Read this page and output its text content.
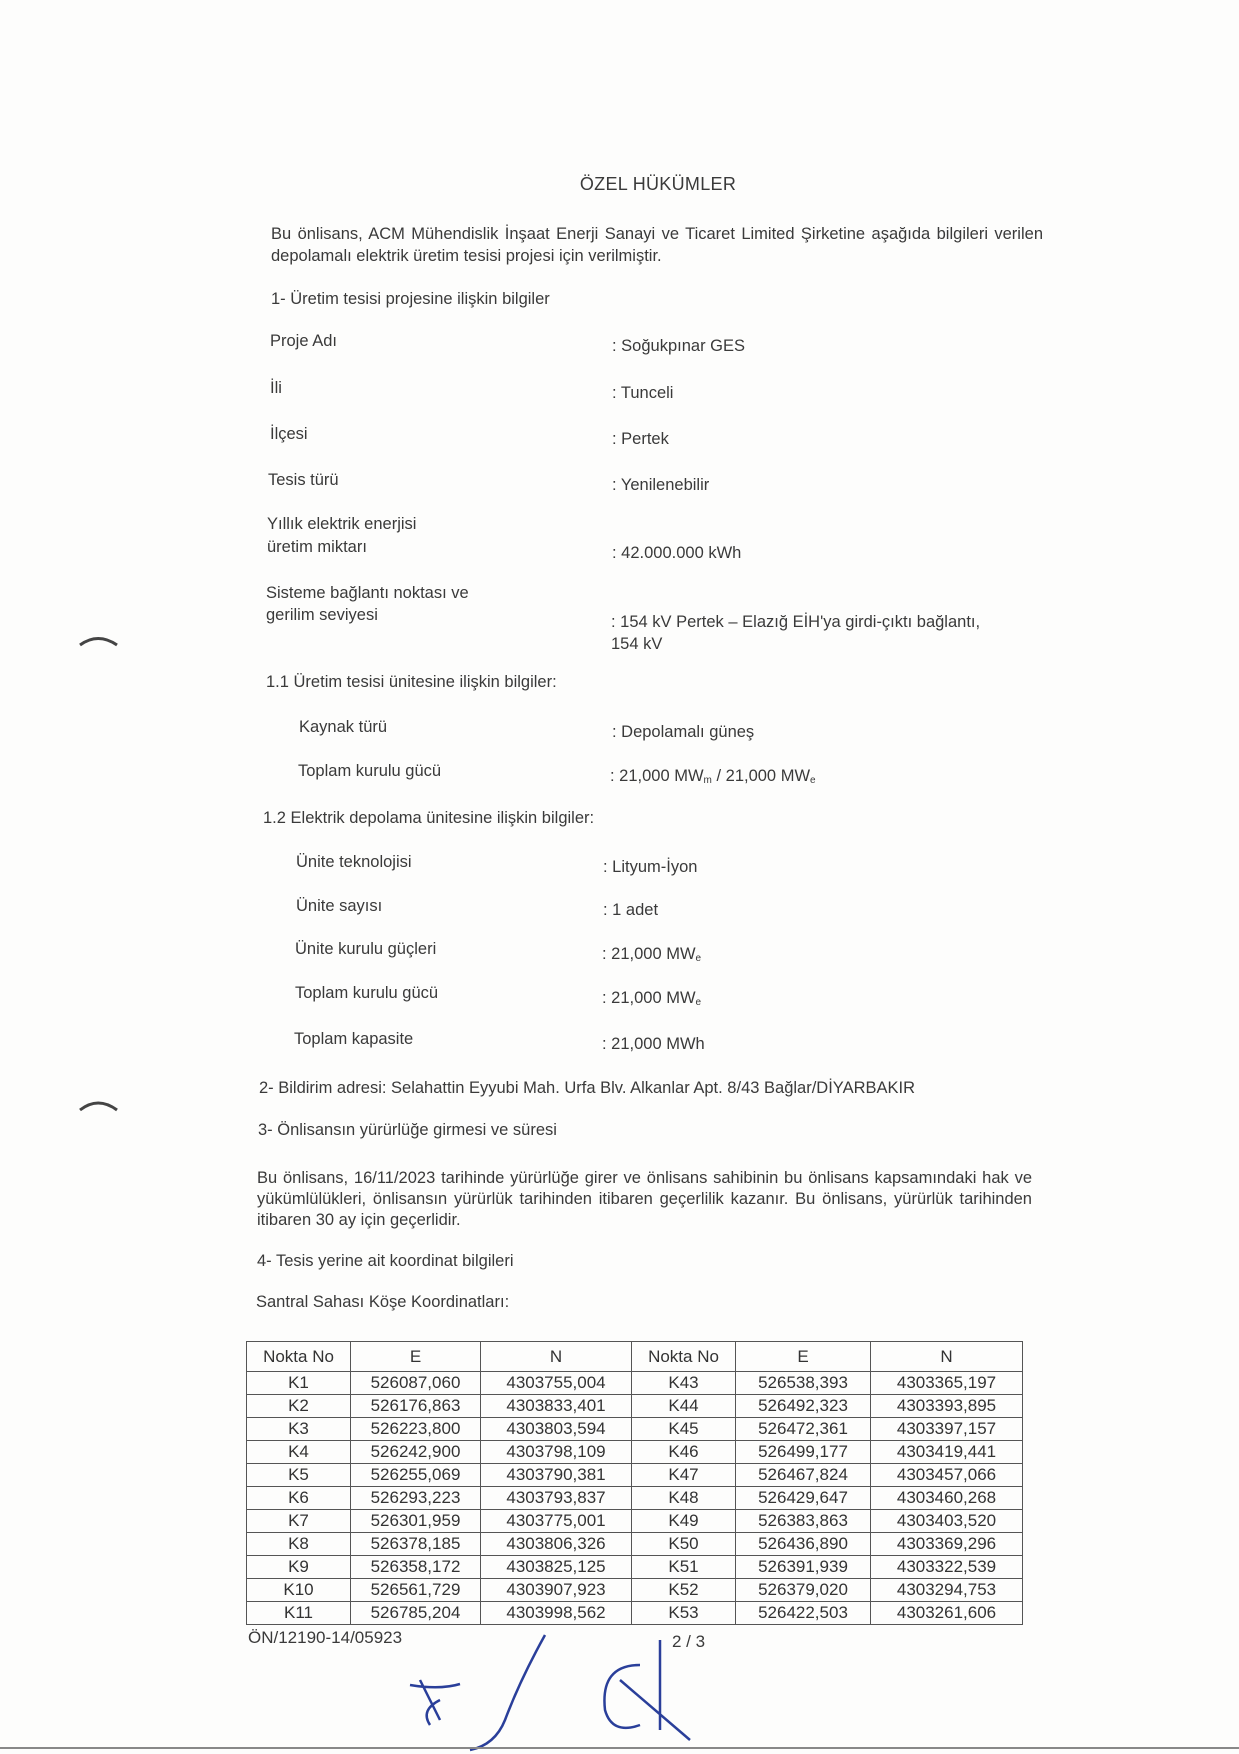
ÖZEL HÜKÜMLER
Bu önlisans, ACM Mühendislik İnşaat Enerji Sanayi ve Ticaret Limited Şirketine aşağıda bilgileri verilen depolamalı elektrik üretim tesisi projesi için verilmiştir.
1- Üretim tesisi projesine ilişkin bilgiler
Proje Adı	: Soğukpınar GES
İli	: Tunceli
İlçesi	: Pertek
Tesis türü	: Yenilenebilir
Yıllık elektrik enerjisi
üretim miktarı	: 42.000.000 kWh
Sisteme bağlantı noktası ve
gerilim seviyesi	: 154 kV Pertek – Elazığ EİH'ya girdi-çıktı bağlantı,
154 kV
1.1 Üretim tesisi ünitesine ilişkin bilgiler:
Kaynak türü	: Depolamalı güneş
Toplam kurulu gücü	: 21,000 $MW_m / 21,000$ $MW_e$
1.2 Elektrik depolama ünitesine ilişkin bilgiler:
Ünite teknolojisi	: Lityum-İyon
Ünite sayısı	: 1 adet
Ünite kurulu güçleri	: 21,000 $MW_e$
Toplam kurulu gücü	: 21,000 $MW_e$
Toplam kapasite	: 21,000 MWh
2- Bildirim adresi: Selahattin Eyyubi Mah. Urfa Blv. Alkanlar Apt. 8/43 Bağlar/DİYARBAKIR
3- Önlisansın yürürlüğe girmesi ve süresi
Bu önlisans, 16/11/2023 tarihinde yürürlüğe girer ve önlisans sahibinin bu önlisans kapsamındaki hak ve yükümlülükleri, önlisansın yürürlük tarihinden itibaren geçerlilik kazanır. Bu önlisans, yürürlük tarihinden itibaren 30 ay için geçerlidir.
4- Tesis yerine ait koordinat bilgileri
Santral Sahası Köşe Koordinatları:
Nokta No	E	N	Nokta No	E	N
K1	526087,060	4303755,004	K43	526538,393	4303365,197
K2	526176,863	4303833,401	K44	526492,323	4303393,895
K3	526223,800	4303803,594	K45	526472,361	4303397,157
K4	526242,900	4303798,109	K46	526499,177	4303419,441
K5	526255,069	4303790,381	K47	526467,824	4303457,066
K6	526293,223	4303793,837	K48	526429,647	4303460,268
K7	526301,959	4303775,001	K49	526383,863	4303403,520
K8	526378,185	4303806,326	K50	526436,890	4303369,296
K9	526358,172	4303825,125	K51	526391,939	4303322,539
K10	526561,729	4303907,923	K52	526379,020	4303294,753
K11	526785,204	4303998,562	K53	526422,503	4303261,606
ÖN/12190-14/05923	2 / 3
